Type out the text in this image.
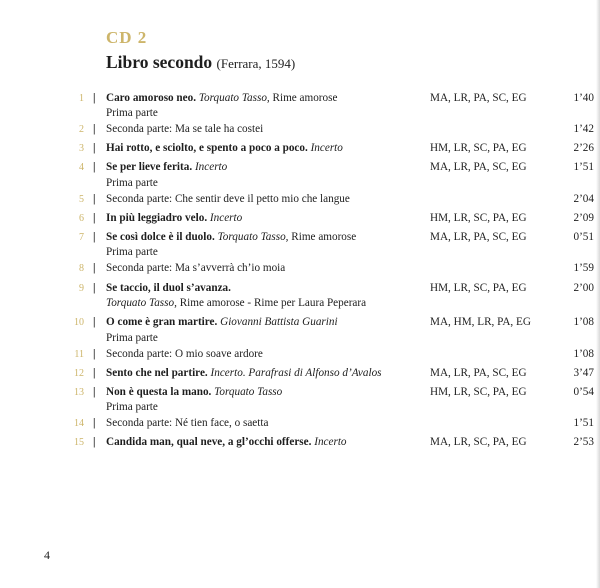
CD 2
Libro secondo (Ferrara, 1594)
1 | Caro amoroso neo. Torquato Tasso, Rime amorose
Prima parte
MA, LR, PA, SC, EG	1’40
2 | Seconda parte: Ma se tale ha costei	1’42
3 | Hai rotto, e sciolto, e spento a poco a poco. Incerto	HM, LR, SC, PA, EG	2’26
4 | Se per lieve ferita. Incerto
Prima parte
MA, LR, PA, SC, EG	1’51
5 | Seconda parte: Che sentir deve il petto mio che langue	2’04
6 | In più leggiadro velo. Incerto	HM, LR, SC, PA, EG	2’09
7 | Se così dolce è il duolo. Torquato Tasso, Rime amorose
Prima parte
MA, LR, PA, SC, EG	0’51
8 | Seconda parte: Ma s’avverrà ch’io moia	1’59
9 | Se taccio, il duol s’avanza.
Torquato Tasso, Rime amorose - Rime per Laura Peperara
HM, LR, SC, PA, EG	2’00
10 | O come è gran martire. Giovanni Battista Guarini
Prima parte
MA, HM, LR, PA, EG	1’08
11 | Seconda parte: O mio soave ardore	1’08
12 | Sento che nel partire. Incerto. Parafrasi di Alfonso d’Avalos	MA, LR, PA, SC, EG	3’47
13 | Non è questa la mano. Torquato Tasso
Prima parte
HM, LR, SC, PA, EG	0’54
14 | Seconda parte: Né tien face, o saetta	1’51
15 | Candida man, qual neve, a gl’occhi offerse. Incerto	MA, LR, SC, PA, EG	2’53
4
